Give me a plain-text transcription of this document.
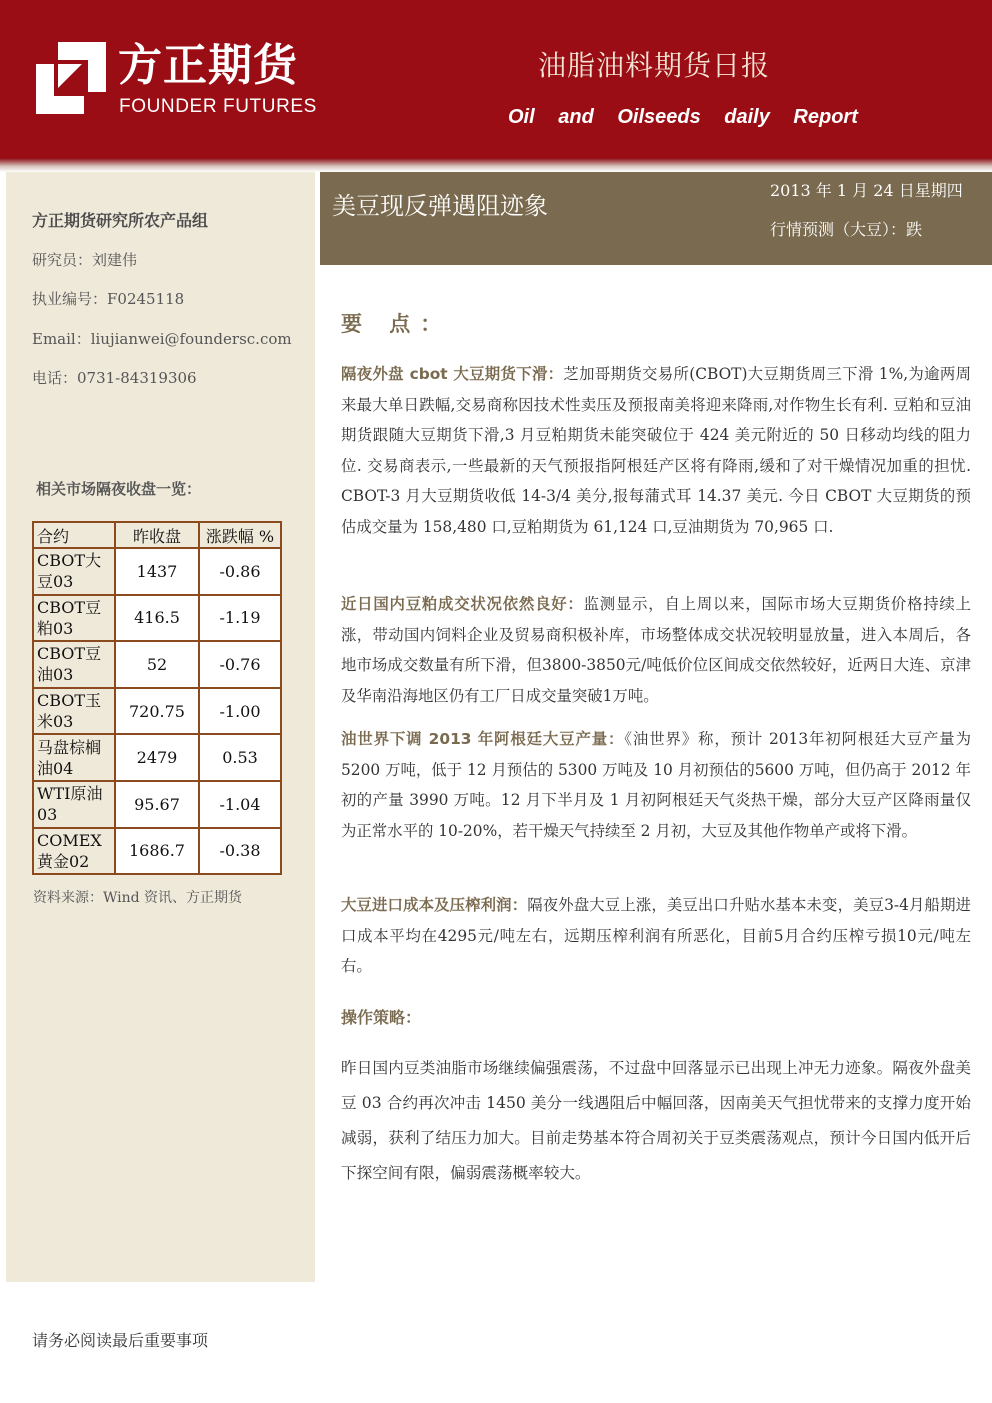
方正期货
FOUNDER FUTURES
油脂油料期货日报
Oil and Oilseeds daily Report
方正期货研究所农产品组
研究员：刘建伟
执业编号：F0245118
Email：liujianwei@foundersc.com
电话：0731-84319306
相关市场隔夜收盘一览：
合约	昨收盘	涨跌幅 %
CBOT大豆03	1437	-0.86
CBOT豆粕03	416.5	-1.19
CBOT豆油03	52	-0.76
CBOT玉米03	720.75	-1.00
马盘棕榈油04	2479	0.53
WTI原油03	95.67	-1.04
COMEX黄金02	1686.7	-0.38
资料来源：Wind 资讯、方正期货
请务必阅读最后重要事项
美豆现反弹遇阻迹象
2013 年 1 月 24 日星期四
行情预测（大豆）：跌
要 点：
隔夜外盘 cbot 大豆期货下滑：芝加哥期货交易所(CBOT)大豆期货周三下滑 1%,为逾两周来最大单日跌幅,交易商称因技术性卖压及预报南美将迎来降雨,对作物生长有利. 豆粕和豆油期货跟随大豆期货下滑,3 月豆粕期货未能突破位于 424 美元附近的 50 日移动均线的阻力位. 交易商表示,一些最新的天气预报指阿根廷产区将有降雨,缓和了对干燥情况加重的担忧. CBOT-3 月大豆期货收低 14-3/4 美分,报每蒲式耳 14.37 美元. 今日 CBOT 大豆期货的预估成交量为 158,480 口,豆粕期货为 61,124 口,豆油期货为 70,965 口.
近日国内豆粕成交状况依然良好：监测显示，自上周以来，国际市场大豆期货价格持续上涨，带动国内饲料企业及贸易商积极补库，市场整体成交状况较明显放量，进入本周后，各地市场成交数量有所下滑，但3800-3850元/吨低价位区间成交依然较好，近两日大连、京津及华南沿海地区仍有工厂日成交量突破1万吨。
油世界下调 2013 年阿根廷大豆产量：《油世界》称，预计 2013年初阿根廷大豆产量为 5200 万吨，低于 12 月预估的 5300 万吨及 10 月初预估的5600 万吨，但仍高于 2012 年初的产量 3990 万吨。12 月下半月及 1 月初阿根廷天气炎热干燥，部分大豆产区降雨量仅为正常水平的 10-20%，若干燥天气持续至 2 月初，大豆及其他作物单产或将下滑。
大豆进口成本及压榨利润：隔夜外盘大豆上涨，美豆出口升贴水基本未变，美豆3-4月船期进口成本平均在4295元/吨左右，远期压榨利润有所恶化，目前5月合约压榨亏损10元/吨左右。
操作策略：
昨日国内豆类油脂市场继续偏强震荡，不过盘中回落显示已出现上冲无力迹象。隔夜外盘美豆 03 合约再次冲击 1450 美分一线遇阻后中幅回落，因南美天气担忧带来的支撑力度开始减弱，获利了结压力加大。目前走势基本符合周初关于豆类震荡观点，预计今日国内低开后下探空间有限，偏弱震荡概率较大。
